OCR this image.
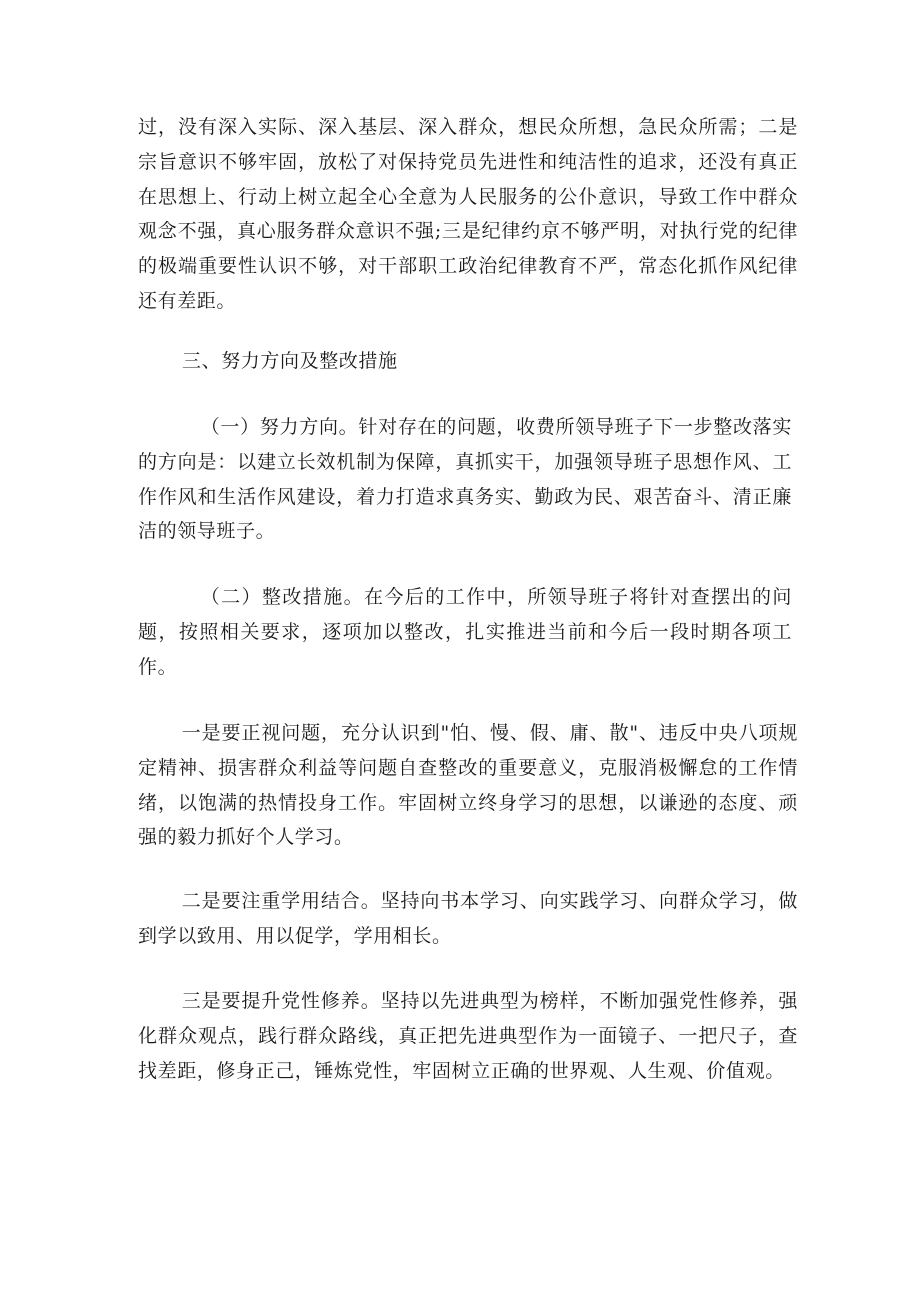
过，没有深入实际、深入基层、深入群众，想民众所想，急民众所需；二是宗旨意识不够牢固，放松了对保持党员先进性和纯洁性的追求，还没有真正在思想上、行动上树立起全心全意为人民服务的公仆意识，导致工作中群众观念不强，真心服务群众意识不强;三是纪律约京不够严明，对执行党的纪律的极端重要性认识不够，对干部职工政治纪律教育不严，常态化抓作风纪律还有差距。

三、努力方向及整改措施

（一）努力方向。针对存在的问题，收费所领导班子下一步整改落实的方向是：以建立长效机制为保障，真抓实干，加强领导班子思想作风、工作作风和生活作风建设，着力打造求真务实、勤政为民、艰苦奋斗、清正廉洁的领导班子。

（二）整改措施。在今后的工作中，所领导班子将针对查摆出的问题，按照相关要求，逐项加以整改，扎实推进当前和今后一段时期各项工作。

一是要正视问题，充分认识到"怕、慢、假、庸、散"、违反中央八项规定精神、损害群众利益等问题自查整改的重要意义，克服消极懈怠的工作情绪，以饱满的热情投身工作。牢固树立终身学习的思想，以谦逊的态度、顽强的毅力抓好个人学习。

二是要注重学用结合。坚持向书本学习、向实践学习、向群众学习，做到学以致用、用以促学，学用相长。

三是要提升党性修养。坚持以先进典型为榜样，不断加强党性修养，强化群众观点，践行群众路线，真正把先进典型作为一面镜子、一把尺子，查找差距，修身正己，锤炼党性，牢固树立正确的世界观、人生观、价值观。
